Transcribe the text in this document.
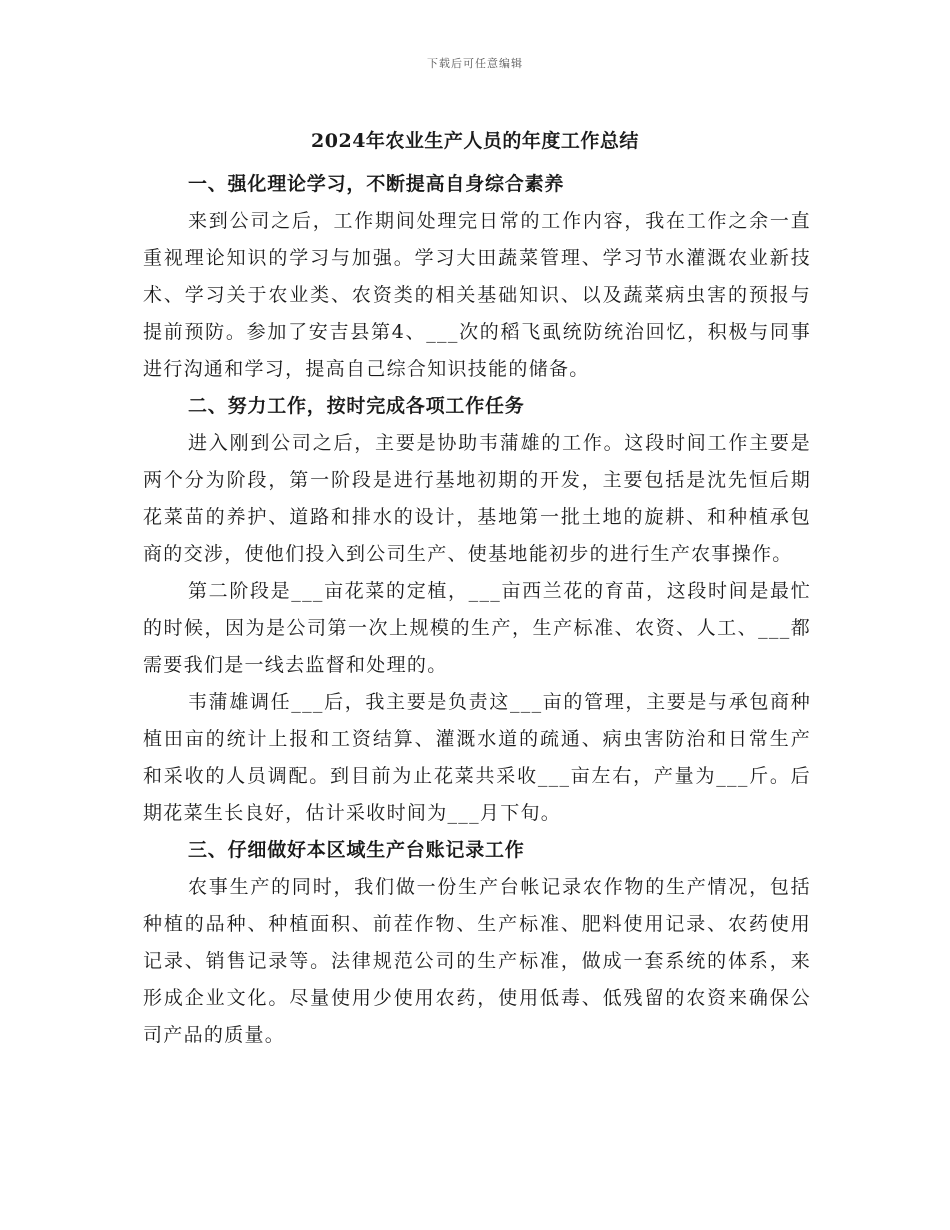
下载后可任意编辑
2024年农业生产人员的年度工作总结
一、强化理论学习，不断提高自身综合素养

来到公司之后，工作期间处理完日常的工作内容，我在工作之余一直重视理论知识的学习与加强。学习大田蔬菜管理、学习节水灌溉农业新技术、学习关于农业类、农资类的相关基础知识、以及蔬菜病虫害的预报与提前预防。参加了安吉县第4、___次的稻飞虱统防统治回忆，积极与同事进行沟通和学习，提高自己综合知识技能的储备。

二、努力工作，按时完成各项工作任务

进入刚到公司之后，主要是协助韦蒲雄的工作。这段时间工作主要是两个分为阶段，第一阶段是进行基地初期的开发，主要包括是沈先恒后期花菜苗的养护、道路和排水的设计，基地第一批土地的旋耕、和种植承包商的交涉，使他们投入到公司生产、使基地能初步的进行生产农事操作。

第二阶段是___亩花菜的定植，___亩西兰花的育苗，这段时间是最忙的时候，因为是公司第一次上规模的生产，生产标准、农资、人工、___都需要我们是一线去监督和处理的。

韦蒲雄调任___后，我主要是负责这___亩的管理，主要是与承包商种植田亩的统计上报和工资结算、灌溉水道的疏通、病虫害防治和日常生产和采收的人员调配。到目前为止花菜共采收___亩左右，产量为___斤。后期花菜生长良好，估计采收时间为___月下旬。

三、仔细做好本区域生产台账记录工作

农事生产的同时，我们做一份生产台帐记录农作物的生产情况，包括种植的品种、种植面积、前茬作物、生产标准、肥料使用记录、农药使用记录、销售记录等。法律规范公司的生产标准，做成一套系统的体系，来形成企业文化。尽量使用少使用农药，使用低毒、低残留的农资来确保公司产品的质量。
